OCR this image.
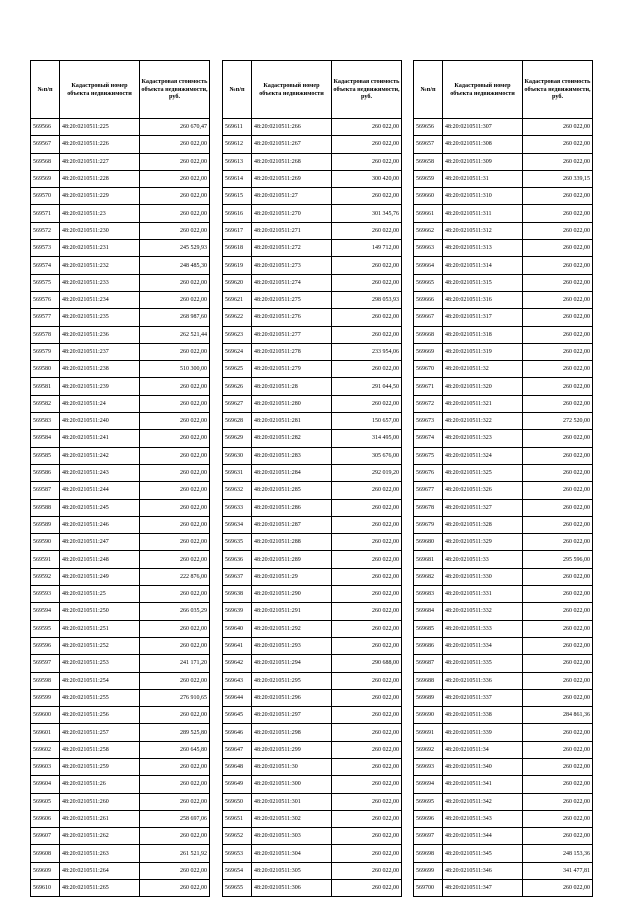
№п/п	Кадастровый номер объекта недвижимости	Кадастровая стоимость объекта недвижимости, руб.
569566	48:20:0210511:225	260 670,47
569567	48:20:0210511:226	260 022,00
569568	48:20:0210511:227	260 022,00
569569	48:20:0210511:228	260 022,00
569570	48:20:0210511:229	260 022,00
569571	48:20:0210511:23	260 022,00
569572	48:20:0210511:230	260 022,00
569573	48:20:0210511:231	245 529,93
569574	48:20:0210511:232	248 485,30
569575	48:20:0210511:233	260 022,00
569576	48:20:0210511:234	260 022,00
569577	48:20:0210511:235	268 987,60
569578	48:20:0210511:236	262 521,44
569579	48:20:0210511:237	260 022,00
569580	48:20:0210511:238	510 300,00
569581	48:20:0210511:239	260 022,00
569582	48:20:0210511:24	260 022,00
569583	48:20:0210511:240	260 022,00
569584	48:20:0210511:241	260 022,00
569585	48:20:0210511:242	260 022,00
569586	48:20:0210511:243	260 022,00
569587	48:20:0210511:244	260 022,00
569588	48:20:0210511:245	260 022,00
569589	48:20:0210511:246	260 022,00
569590	48:20:0210511:247	260 022,00
569591	48:20:0210511:248	260 022,00
569592	48:20:0210511:249	222 876,00
569593	48:20:0210511:25	260 022,00
569594	48:20:0210511:250	266 035,29
569595	48:20:0210511:251	260 022,00
569596	48:20:0210511:252	260 022,00
569597	48:20:0210511:253	241 171,20
569598	48:20:0210511:254	260 022,00
569599	48:20:0210511:255	276 910,65
569600	48:20:0210511:256	260 022,00
569601	48:20:0210511:257	289 525,80
569602	48:20:0210511:258	260 645,80
569603	48:20:0210511:259	260 022,00
569604	48:20:0210511:26	260 022,00
569605	48:20:0210511:260	260 022,00
569606	48:20:0210511:261	258 697,06
569607	48:20:0210511:262	260 022,00
569608	48:20:0210511:263	261 521,92
569609	48:20:0210511:264	260 022,00
569610	48:20:0210511:265	260 022,00
№п/п	Кадастровый номер объекта недвижимости	Кадастровая стоимость объекта недвижимости, руб.
569611	48:20:0210511:266	260 022,00
569612	48:20:0210511:267	260 022,00
569613	48:20:0210511:268	260 022,00
569614	48:20:0210511:269	300 420,00
569615	48:20:0210511:27	260 022,00
569616	48:20:0210511:270	301 345,76
569617	48:20:0210511:271	260 022,00
569618	48:20:0210511:272	149 712,00
569619	48:20:0210511:273	260 022,00
569620	48:20:0210511:274	260 022,00
569621	48:20:0210511:275	298 053,93
569622	48:20:0210511:276	260 022,00
569623	48:20:0210511:277	260 022,00
569624	48:20:0210511:278	233 954,06
569625	48:20:0210511:279	260 022,00
569626	48:20:0210511:28	291 044,50
569627	48:20:0210511:280	260 022,00
569628	48:20:0210511:281	150 657,00
569629	48:20:0210511:282	314 495,00
569630	48:20:0210511:283	305 676,00
569631	48:20:0210511:284	292 019,20
569632	48:20:0210511:285	260 022,00
569633	48:20:0210511:286	260 022,00
569634	48:20:0210511:287	260 022,00
569635	48:20:0210511:288	260 022,00
569636	48:20:0210511:289	260 022,00
569637	48:20:0210511:29	260 022,00
569638	48:20:0210511:290	260 022,00
569639	48:20:0210511:291	260 022,00
569640	48:20:0210511:292	260 022,00
569641	48:20:0210511:293	260 022,00
569642	48:20:0210511:294	290 688,00
569643	48:20:0210511:295	260 022,00
569644	48:20:0210511:296	260 022,00
569645	48:20:0210511:297	260 022,00
569646	48:20:0210511:298	260 022,00
569647	48:20:0210511:299	260 022,00
569648	48:20:0210511:30	260 022,00
569649	48:20:0210511:300	260 022,00
569650	48:20:0210511:301	260 022,00
569651	48:20:0210511:302	260 022,00
569652	48:20:0210511:303	260 022,00
569653	48:20:0210511:304	260 022,00
569654	48:20:0210511:305	260 022,00
569655	48:20:0210511:306	260 022,00
№п/п	Кадастровый номер объекта недвижимости	Кадастровая стоимость объекта недвижимости, руб.
569656	48:20:0210511:307	260 022,00
569657	48:20:0210511:308	260 022,00
569658	48:20:0210511:309	260 022,00
569659	48:20:0210511:31	260 339,15
569660	48:20:0210511:310	260 022,00
569661	48:20:0210511:311	260 022,00
569662	48:20:0210511:312	260 022,00
569663	48:20:0210511:313	260 022,00
569664	48:20:0210511:314	260 022,00
569665	48:20:0210511:315	260 022,00
569666	48:20:0210511:316	260 022,00
569667	48:20:0210511:317	260 022,00
569668	48:20:0210511:318	260 022,00
569669	48:20:0210511:319	260 022,00
569670	48:20:0210511:32	260 022,00
569671	48:20:0210511:320	260 022,00
569672	48:20:0210511:321	260 022,00
569673	48:20:0210511:322	272 520,00
569674	48:20:0210511:323	260 022,00
569675	48:20:0210511:324	260 022,00
569676	48:20:0210511:325	260 022,00
569677	48:20:0210511:326	260 022,00
569678	48:20:0210511:327	260 022,00
569679	48:20:0210511:328	260 022,00
569680	48:20:0210511:329	260 022,00
569681	48:20:0210511:33	295 596,00
569682	48:20:0210511:330	260 022,00
569683	48:20:0210511:331	260 022,00
569684	48:20:0210511:332	260 022,00
569685	48:20:0210511:333	260 022,00
569686	48:20:0210511:334	260 022,00
569687	48:20:0210511:335	260 022,00
569688	48:20:0210511:336	260 022,00
569689	48:20:0210511:337	260 022,00
569690	48:20:0210511:338	284 861,36
569691	48:20:0210511:339	260 022,00
569692	48:20:0210511:34	260 022,00
569693	48:20:0210511:340	260 022,00
569694	48:20:0210511:341	260 022,00
569695	48:20:0210511:342	260 022,00
569696	48:20:0210511:343	260 022,00
569697	48:20:0210511:344	260 022,00
569698	48:20:0210511:345	248 153,36
569699	48:20:0210511:346	341 477,81
569700	48:20:0210511:347	260 022,00
